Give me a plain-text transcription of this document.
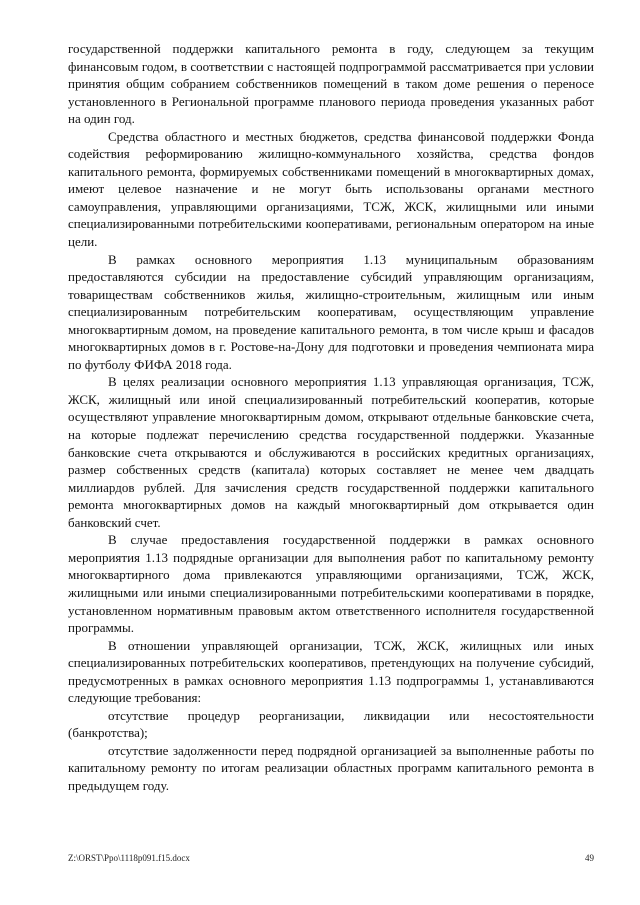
государственной поддержки капитального ремонта в году, следующем за текущим финансовым годом, в соответствии с настоящей подпрограммой рассматривается при условии принятия общим собранием собственников помещений в таком доме решения о переносе установленного в Региональной программе планового периода проведения указанных работ на один год.

Средства областного и местных бюджетов, средства финансовой поддержки Фонда содействия реформированию жилищно-коммунального хозяйства, средства фондов капитального ремонта, формируемых собственниками помещений в многоквартирных домах, имеют целевое назначение и не могут быть использованы органами местного самоуправления, управляющими организациями, ТСЖ, ЖСК, жилищными или иными специализированными потребительскими кооперативами, региональным оператором на иные цели.

В рамках основного мероприятия 1.13 муниципальным образованиям предоставляются субсидии на предоставление субсидий управляющим организациям, товариществам собственников жилья, жилищно-строительным, жилищным или иным специализированным потребительским кооперативам, осуществляющим управление многоквартирным домом, на проведение капитального ремонта, в том числе крыш и фасадов многоквартирных домов в г. Ростове-на-Дону для подготовки и проведения чемпионата мира по футболу ФИФА 2018 года.

В целях реализации основного мероприятия 1.13 управляющая организация, ТСЖ, ЖСК, жилищный или иной специализированный потребительский кооператив, которые осуществляют управление многоквартирным домом, открывают отдельные банковские счета, на которые подлежат перечислению средства государственной поддержки. Указанные банковские счета открываются и обслуживаются в российских кредитных организациях, размер собственных средств (капитала) которых составляет не менее чем двадцать миллиардов рублей. Для зачисления средств государственной поддержки капитального ремонта многоквартирных домов на каждый многоквартирный дом открывается один банковский счет.

В случае предоставления государственной поддержки в рамках основного мероприятия 1.13 подрядные организации для выполнения работ по капитальному ремонту многоквартирного дома привлекаются управляющими организациями, ТСЖ, ЖСК, жилищными или иными специализированными потребительскими кооперативами в порядке, установленном нормативным правовым актом ответственного исполнителя государственной программы.

В отношении управляющей организации, ТСЖ, ЖСК, жилищных или иных специализированных потребительских кооперативов, претендующих на получение субсидий, предусмотренных в рамках основного мероприятия 1.13 подпрограммы 1, устанавливаются следующие требования:

отсутствие процедур реорганизации, ликвидации или несостоятельности (банкротства);

отсутствие задолженности перед подрядной организацией за выполненные работы по капитальному ремонту по итогам реализации областных программ капитального ремонта в предыдущем году.

Z:\ORST\Ppo\1118p091.f15.docx	49
